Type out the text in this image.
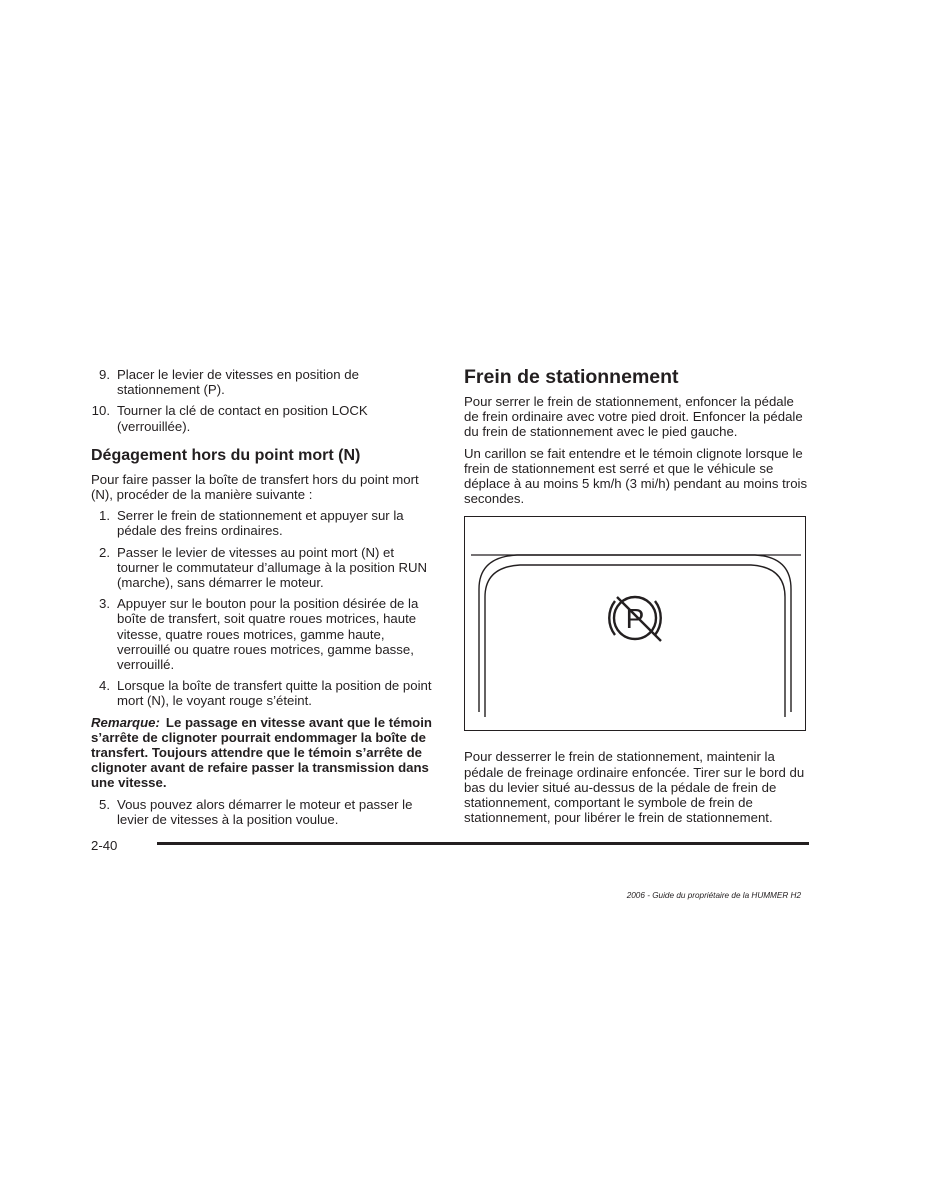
9. Placer le levier de vitesses en position de stationnement (P).
10. Tourner la clé de contact en position LOCK (verrouillée).
Dégagement hors du point mort (N)

Pour faire passer la boîte de transfert hors du point mort (N), procéder de la manière suivante :

1. Serrer le frein de stationnement et appuyer sur la pédale des freins ordinaires.
2. Passer le levier de vitesses au point mort (N) et tourner le commutateur d’allumage à la position RUN (marche), sans démarrer le moteur.
3. Appuyer sur le bouton pour la position désirée de la boîte de transfert, soit quatre roues motrices, haute vitesse, quatre roues motrices, gamme haute, verrouillé ou quatre roues motrices, gamme basse, verrouillé.
4. Lorsque la boîte de transfert quitte la position de point mort (N), le voyant rouge s’éteint.

Remarque: Le passage en vitesse avant que le témoin s’arrête de clignoter pourrait endommager la boîte de transfert. Toujours attendre que le témoin s’arrête de clignoter avant de refaire passer la transmission dans une vitesse.

5. Vous pouvez alors démarrer le moteur et passer le levier de vitesses à la position voulue.
Frein de stationnement

Pour serrer le frein de stationnement, enfoncer la pédale de frein ordinaire avec votre pied droit. Enfoncer la pédale du frein de stationnement avec le pied gauche.

Un carillon se fait entendre et le témoin clignote lorsque le frein de stationnement est serré et que le véhicule se déplace à au moins 5 km/h (3 mi/h) pendant au moins trois secondes.

P

Pour desserrer le frein de stationnement, maintenir la pédale de freinage ordinaire enfoncée. Tirer sur le bord du bas du levier situé au-dessus de la pédale de frein de stationnement, comportant le symbole de frein de stationnement, pour libérer le frein de stationnement.

2-40
2006 - Guide du propriétaire de la HUMMER H2
